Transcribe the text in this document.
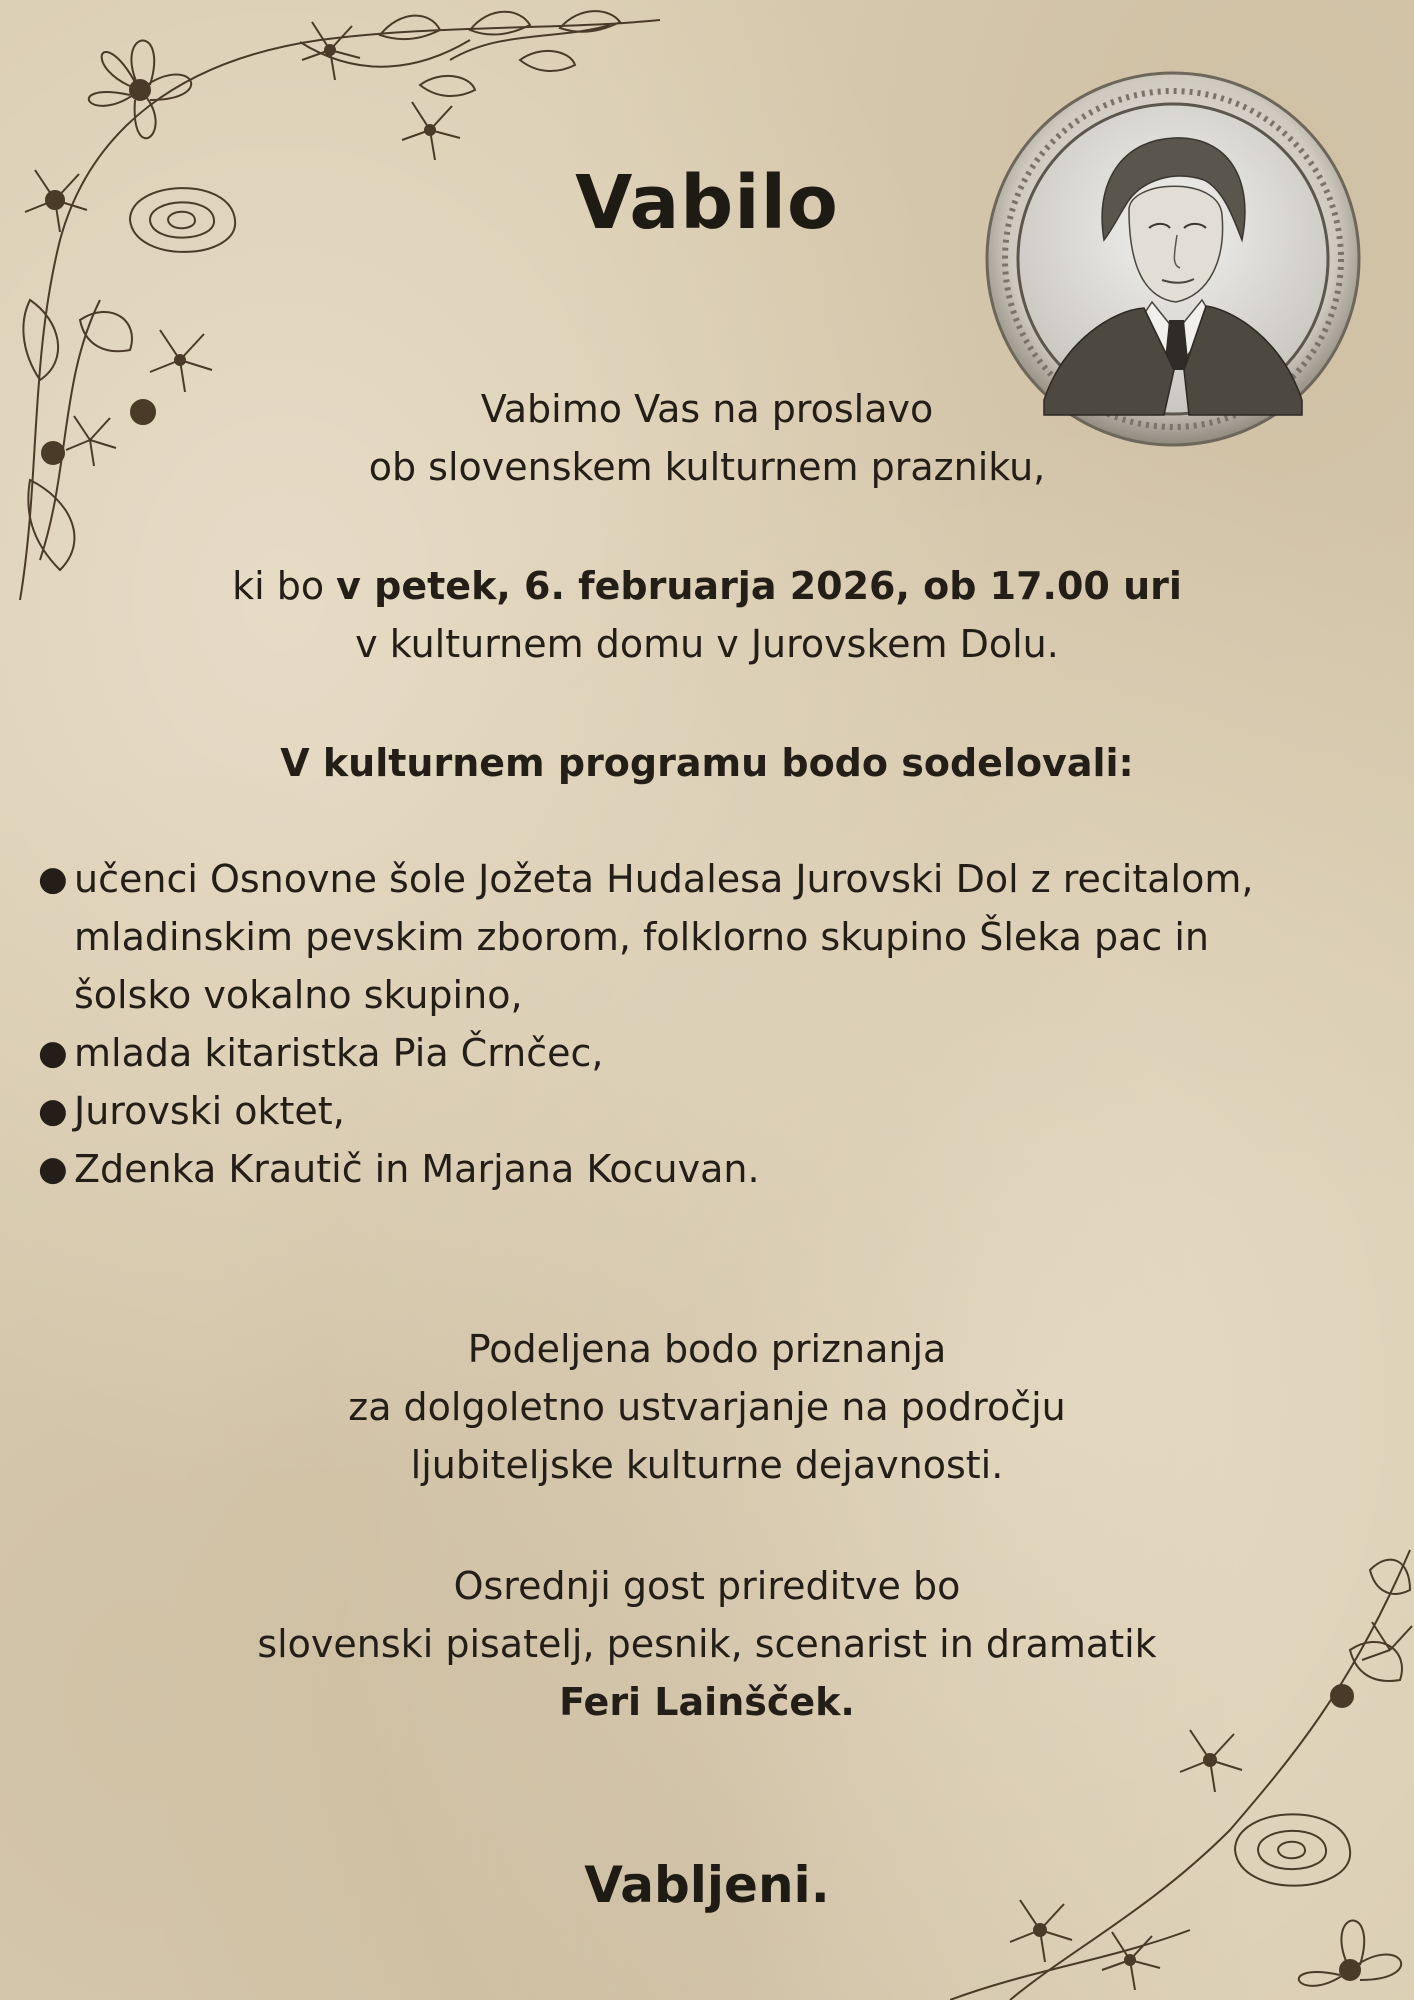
Vabilo
Vabimo Vas na proslavo
ob slovenskem kulturnem prazniku,
ki bo v petek, 6. februarja 2026, ob 17.00 uri
v kulturnem domu v Jurovskem Dolu.
V kulturnem programu bodo sodelovali:
● učenci Osnovne šole Jožeta Hudalesa Jurovski Dol z recitalom,
mladinskim pevskim zborom, folklorno skupino Šleka pac in
šolsko vokalno skupino,
● mlada kitaristka Pia Črnčec,
● Jurovski oktet,
● Zdenka Krautič in Marjana Kocuvan.
Podeljena bodo priznanja
za dolgoletno ustvarjanje na področju
ljubiteljske kulturne dejavnosti.
Osrednji gost prireditve bo
slovenski pisatelj, pesnik, scenarist in dramatik
Feri Lainšček.
Vabljeni.
